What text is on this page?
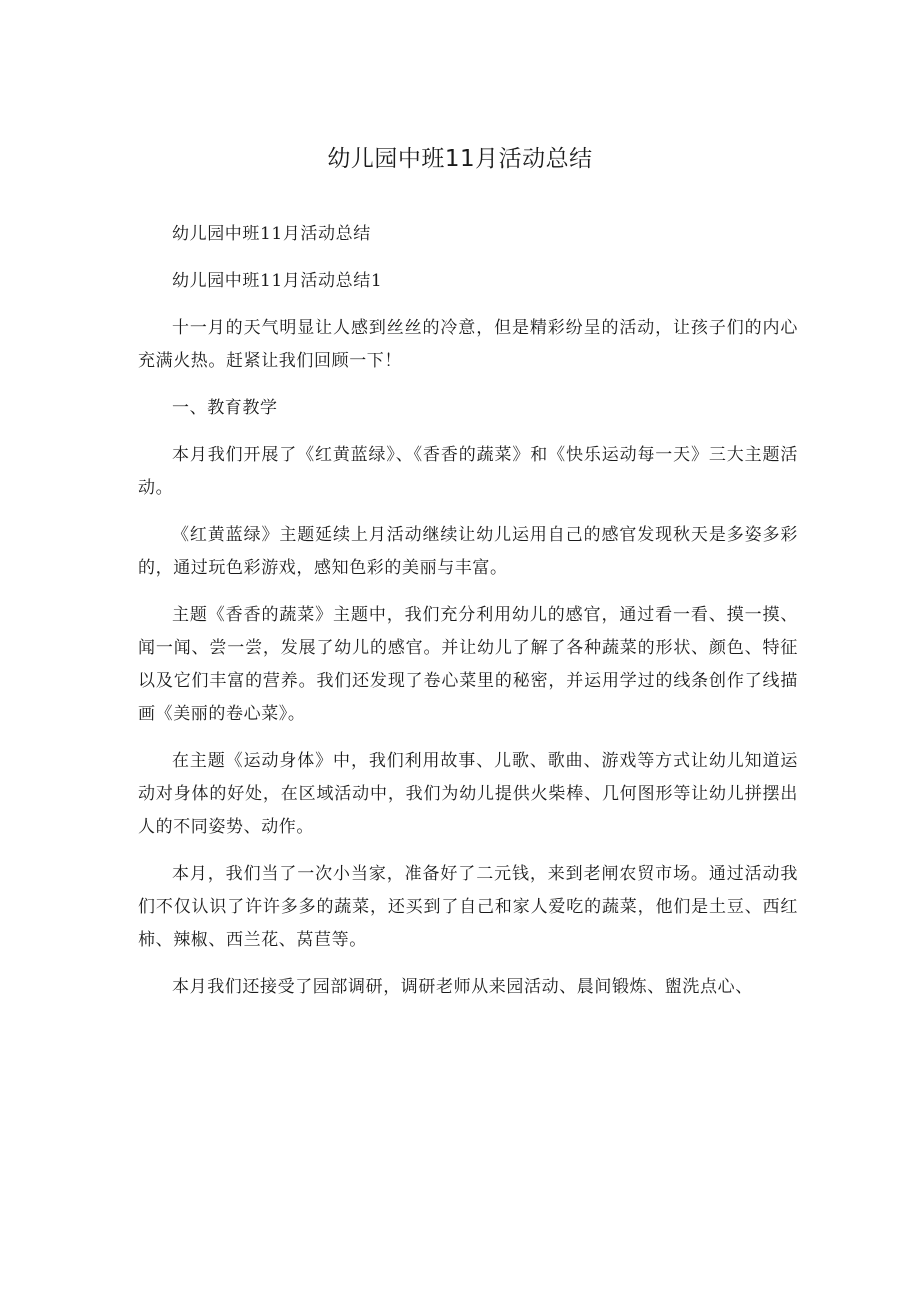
幼儿园中班11月活动总结

幼儿园中班11月活动总结

幼儿园中班11月活动总结1

十一月的天气明显让人感到丝丝的冷意，但是精彩纷呈的活动，让孩子们的内心充满火热。赶紧让我们回顾一下！

一、教育教学

本月我们开展了《红黄蓝绿》、《香香的蔬菜》和《快乐运动每一天》三大主题活动。

《红黄蓝绿》主题延续上月活动继续让幼儿运用自己的感官发现秋天是多姿多彩的，通过玩色彩游戏，感知色彩的美丽与丰富。

主题《香香的蔬菜》主题中，我们充分利用幼儿的感官，通过看一看、摸一摸、闻一闻、尝一尝，发展了幼儿的感官。并让幼儿了解了各种蔬菜的形状、颜色、特征以及它们丰富的营养。我们还发现了卷心菜里的秘密，并运用学过的线条创作了线描画《美丽的卷心菜》。

在主题《运动身体》中，我们利用故事、儿歌、歌曲、游戏等方式让幼儿知道运动对身体的好处，在区域活动中，我们为幼儿提供火柴棒、几何图形等让幼儿拼摆出人的不同姿势、动作。

本月，我们当了一次小当家，准备好了二元钱，来到老闸农贸市场。通过活动我们不仅认识了许许多多的蔬菜，还买到了自己和家人爱吃的蔬菜，他们是土豆、西红柿、辣椒、西兰花、莴苣等。

本月我们还接受了园部调研，调研老师从来园活动、晨间锻炼、盥洗点心、
